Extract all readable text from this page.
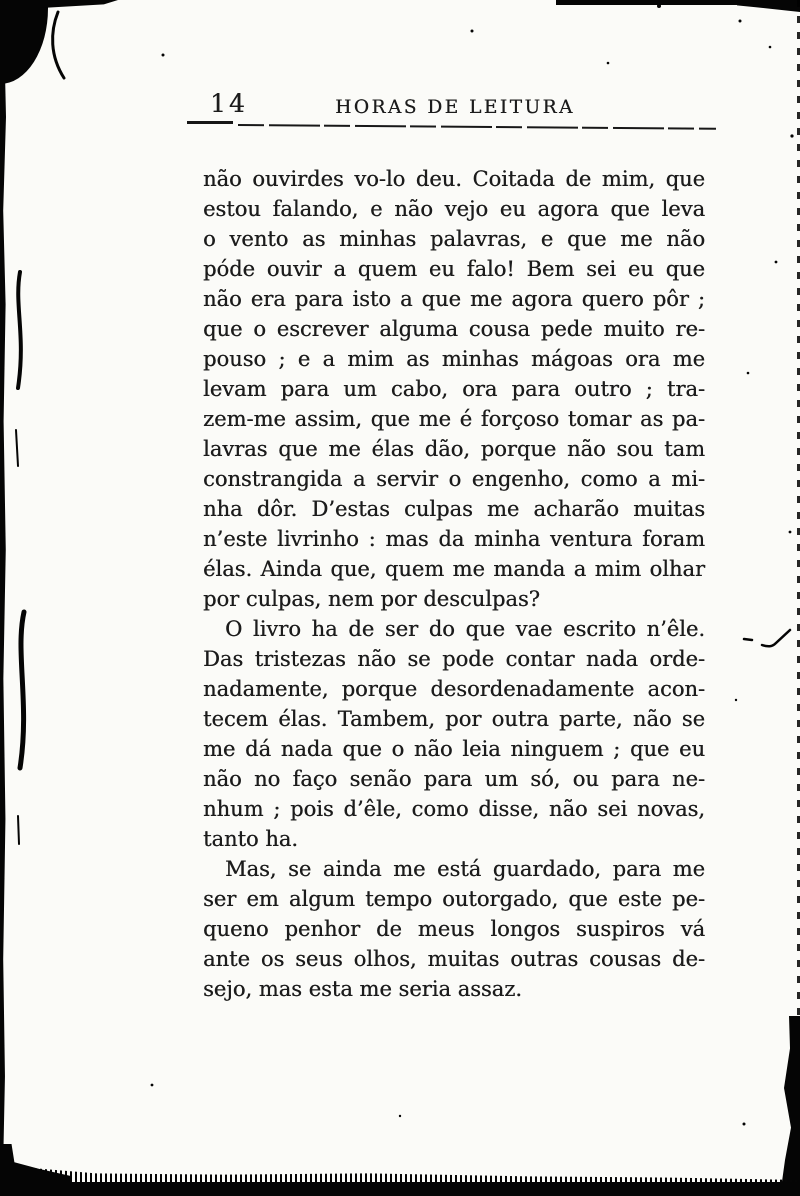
14	HORAS DE LEITURA
não ouvirdes vo-lo deu. Coitada de mim, que
estou falando, e não vejo eu agora que leva
o vento as minhas palavras, e que me não
póde ouvir a quem eu falo! Bem sei eu que
não era para isto a que me agora quero pôr ;
que o escrever alguma cousa pede muito re-
pouso ; e a mim as minhas mágoas ora me
levam para um cabo, ora para outro ; tra-
zem-me assim, que me é forçoso tomar as pa-
lavras que me élas dão, porque não sou tam
constrangida a servir o engenho, como a mi-
nha dôr. D’estas culpas me acharão muitas
n’este livrinho : mas da minha ventura foram
élas. Ainda que, quem me manda a mim olhar
por culpas, nem por desculpas?
O livro ha de ser do que vae escrito n’êle.
Das tristezas não se pode contar nada orde-
nadamente, porque desordenadamente acon-
tecem élas. Tambem, por outra parte, não se
me dá nada que o não leia ninguem ; que eu
não no faço senão para um só, ou para ne-
nhum ; pois d’êle, como disse, não sei novas,
tanto ha.
Mas, se ainda me está guardado, para me
ser em algum tempo outorgado, que este pe-
queno penhor de meus longos suspiros vá
ante os seus olhos, muitas outras cousas de-
sejo, mas esta me seria assaz.
